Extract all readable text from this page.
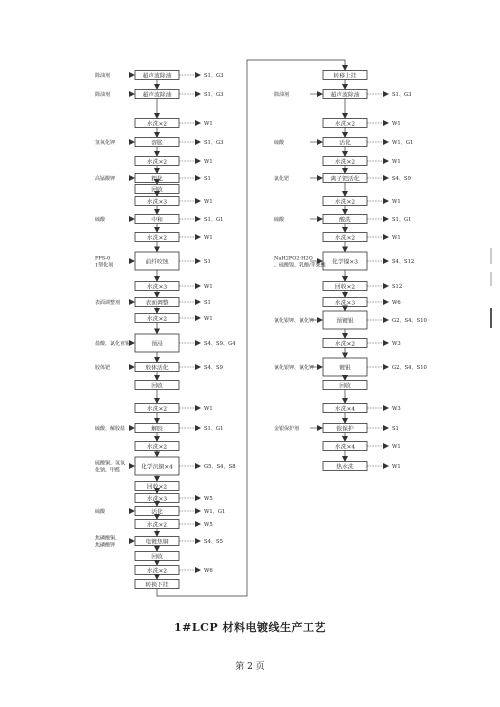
超声波除油
除油剂	S1、G3
超声波除油
除油剂	S1、G3
水洗×2	W1
溶胀
氢氧化钾	S1、G3
水洗×2	W1
粗化
高锰酸钾	S1
回收
水洗×3	W1
中和
硫酸	S1、G1
水洗×2	W1
前纤咬蚀
PPS-0
1塑化剂
S1
水洗×3	W1
表面调整
表面调整剂	S1
水洗×2	W1
预浸
盐酸、氯化亚锡	S4、S9、G4
胶体活化
胶体钯	S4、S9
回收
水洗×2	W1
解胶
硫酸、解胶盐	S1、G1
水洗×2
化学沉铜×4
硫酸铜、氢氧
化钠、甲醛
G5、S4、S8
回收×2
水洗×3	W5
活化
硫酸	W1、G1
水洗×2	W5
电镀焦铜
焦磷酸铜、
焦磷酸钾
S4、S5
回收
水洗×2	W6
转换下挂
转移上挂
超声波除油
除油剂	S1、G3
水洗×2	W1
活化
硫酸	W1、G1
水洗×2	W1
离子钯活化
氯化钯	S4、S9
水洗×2	W1
酸洗
硫酸	S1、G1
水洗×2	W1
化学镍×3
NaH2PO2·H2O
、硫酸镍、乳酸/苹果酸
S4、S12
回收×2	S12
水洗×3	W6
预镀银
氰化银钾、氰化钾	G2、S4、S10
水洗×2	W3
镀银
氰化银钾、氰化钾	G2、S4、S10
回收
水洗×4	W3
银保护
金银保护剂	S1
水洗×4	W1
热水洗	W1
1#LCP 材料电镀线生产工艺
第 2 页
